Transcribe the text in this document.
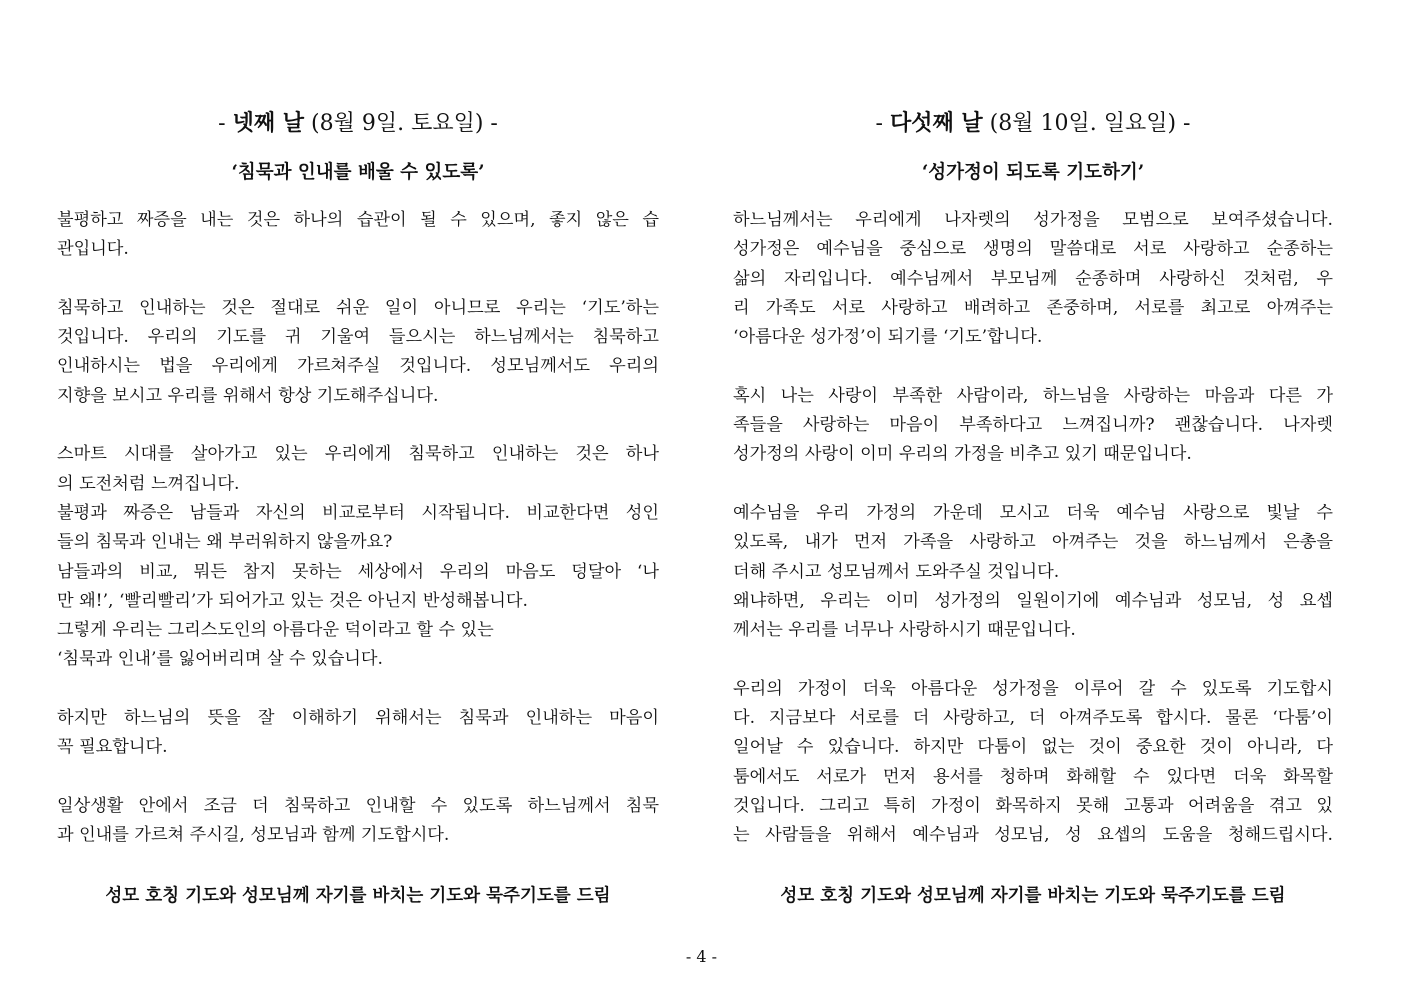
- 넷째 날 (8월 9일. 토요일) -
‘침묵과 인내를 배울 수 있도록’
불평하고 짜증을 내는 것은 하나의 습관이 될 수 있으며, 좋지 않은 습
관입니다.
침묵하고 인내하는 것은 절대로 쉬운 일이 아니므로 우리는 ‘기도’하는
것입니다. 우리의 기도를 귀 기울여 들으시는 하느님께서는 침묵하고
인내하시는 법을 우리에게 가르쳐주실 것입니다. 성모님께서도 우리의
지향을 보시고 우리를 위해서 항상 기도해주십니다.
스마트 시대를 살아가고 있는 우리에게 침묵하고 인내하는 것은 하나
의 도전처럼 느껴집니다.
불평과 짜증은 남들과 자신의 비교로부터 시작됩니다. 비교한다면 성인
들의 침묵과 인내는 왜 부러워하지 않을까요?
남들과의 비교, 뭐든 참지 못하는 세상에서 우리의 마음도 덩달아 ‘나
만 왜!’, ‘빨리빨리’가 되어가고 있는 것은 아닌지 반성해봅니다.
그렇게 우리는 그리스도인의 아름다운 덕이라고 할 수 있는
‘침묵과 인내’를 잃어버리며 살 수 있습니다.
하지만 하느님의 뜻을 잘 이해하기 위해서는 침묵과 인내하는 마음이
꼭 필요합니다.
일상생활 안에서 조금 더 침묵하고 인내할 수 있도록 하느님께서 침묵
과 인내를 가르쳐 주시길, 성모님과 함께 기도합시다.
성모 호칭 기도와 성모님께 자기를 바치는 기도와 묵주기도를 드림
- 다섯째 날 (8월 10일. 일요일) -
‘성가정이 되도록 기도하기’
하느님께서는 우리에게 나자렛의 성가정을 모범으로 보여주셨습니다.
성가정은 예수님을 중심으로 생명의 말씀대로 서로 사랑하고 순종하는
삶의 자리입니다. 예수님께서 부모님께 순종하며 사랑하신 것처럼, 우
리 가족도 서로 사랑하고 배려하고 존중하며, 서로를 최고로 아껴주는
‘아름다운 성가정’이 되기를 ‘기도’합니다.
혹시 나는 사랑이 부족한 사람이라, 하느님을 사랑하는 마음과 다른 가
족들을 사랑하는 마음이 부족하다고 느껴집니까? 괜찮습니다. 나자렛
성가정의 사랑이 이미 우리의 가정을 비추고 있기 때문입니다.
예수님을 우리 가정의 가운데 모시고 더욱 예수님 사랑으로 빛날 수
있도록, 내가 먼저 가족을 사랑하고 아껴주는 것을 하느님께서 은총을
더해 주시고 성모님께서 도와주실 것입니다.
왜냐하면, 우리는 이미 성가정의 일원이기에 예수님과 성모님, 성 요셉
께서는 우리를 너무나 사랑하시기 때문입니다.
우리의 가정이 더욱 아름다운 성가정을 이루어 갈 수 있도록 기도합시
다. 지금보다 서로를 더 사랑하고, 더 아껴주도록 합시다. 물론 ‘다툼’이
일어날 수 있습니다. 하지만 다툼이 없는 것이 중요한 것이 아니라, 다
툼에서도 서로가 먼저 용서를 청하며 화해할 수 있다면 더욱 화목할
것입니다. 그리고 특히 가정이 화목하지 못해 고통과 어려움을 겪고 있
는 사람들을 위해서 예수님과 성모님, 성 요셉의 도움을 청해드립시다.
성모 호칭 기도와 성모님께 자기를 바치는 기도와 묵주기도를 드림
- 4 -
